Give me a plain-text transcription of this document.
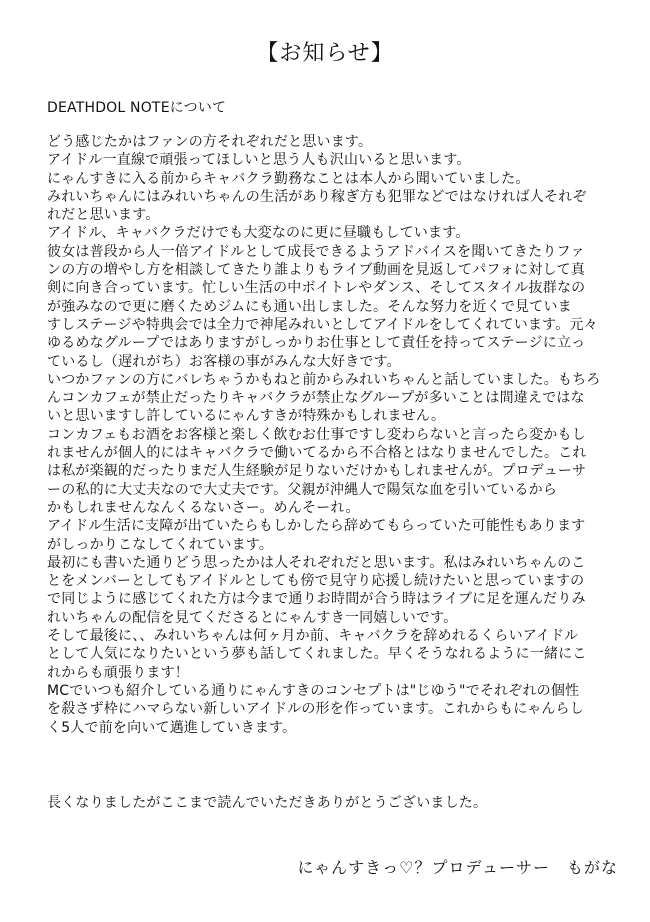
【お知らせ】
DEATHDOL NOTEについて
どう感じたかはファンの方それぞれだと思います。
アイドル一直線で頑張ってほしいと思う人も沢山いると思います。
にゃんすきに入る前からキャバクラ勤務なことは本人から聞いていました。
みれいちゃんにはみれいちゃんの生活があり稼ぎ方も犯罪などではなければ人それぞ
れだと思います。
アイドル、キャバクラだけでも大変なのに更に昼職もしています。
彼女は普段から人一倍アイドルとして成長できるようアドバイスを聞いてきたりファ
ンの方の増やし方を相談してきたり誰よりもライブ動画を見返してパフォに対して真
剣に向き合っています。忙しい生活の中ボイトレやダンス、そしてスタイル抜群なの
が強みなので更に磨くためジムにも通い出しました。そんな努力を近くで見ていま
すしステージや特典会では全力で神尾みれいとしてアイドルをしてくれています。元々
ゆるめなグループではありますがしっかりお仕事として責任を持ってステージに立っ
ているし（遅れがち）お客様の事がみんな大好きです。
いつかファンの方にバレちゃうかもねと前からみれいちゃんと話していました。もちろ
んコンカフェが禁止だったりキャバクラが禁止なグループが多いことは間違えではな
いと思いますし許しているにゃんすきが特殊かもしれません。
コンカフェもお酒をお客様と楽しく飲むお仕事ですし変わらないと言ったら変かもし
れませんが個人的にはキャバクラで働いてるから不合格とはなりませんでした。これ
は私が楽観的だったりまだ人生経験が足りないだけかもしれませんが。プロデューサ
ーの私的に大丈夫なので大丈夫です。父親が沖縄人で陽気な血を引いているから
かもしれませんなんくるないさー。めんそーれ。
アイドル生活に支障が出ていたらもしかしたら辞めてもらっていた可能性もあります
がしっかりこなしてくれています。
最初にも書いた通りどう思ったかは人それぞれだと思います。私はみれいちゃんのこ
とをメンバーとしてもアイドルとしても傍で見守り応援し続けたいと思っていますの
で同じように感じてくれた方は今まで通りお時間が合う時はライブに足を運んだりみ
れいちゃんの配信を見てくださるとにゃんすき一同嬉しいです。
そして最後に、、みれいちゃんは何ヶ月か前、キャバクラを辞めれるくらいアイドル
として人気になりたいという夢も話してくれました。早くそうなれるように一緒にこ
れからも頑張ります！
MCでいつも紹介している通りにゃんすきのコンセプトは"じゆう"でそれぞれの個性
を殺さず枠にハマらない新しいアイドルの形を作っています。これからもにゃんらし
く5人で前を向いて邁進していきます。
長くなりましたがここまで読んでいただきありがとうございました。
にゃんすきっ♡？プロデューサー　もがな
